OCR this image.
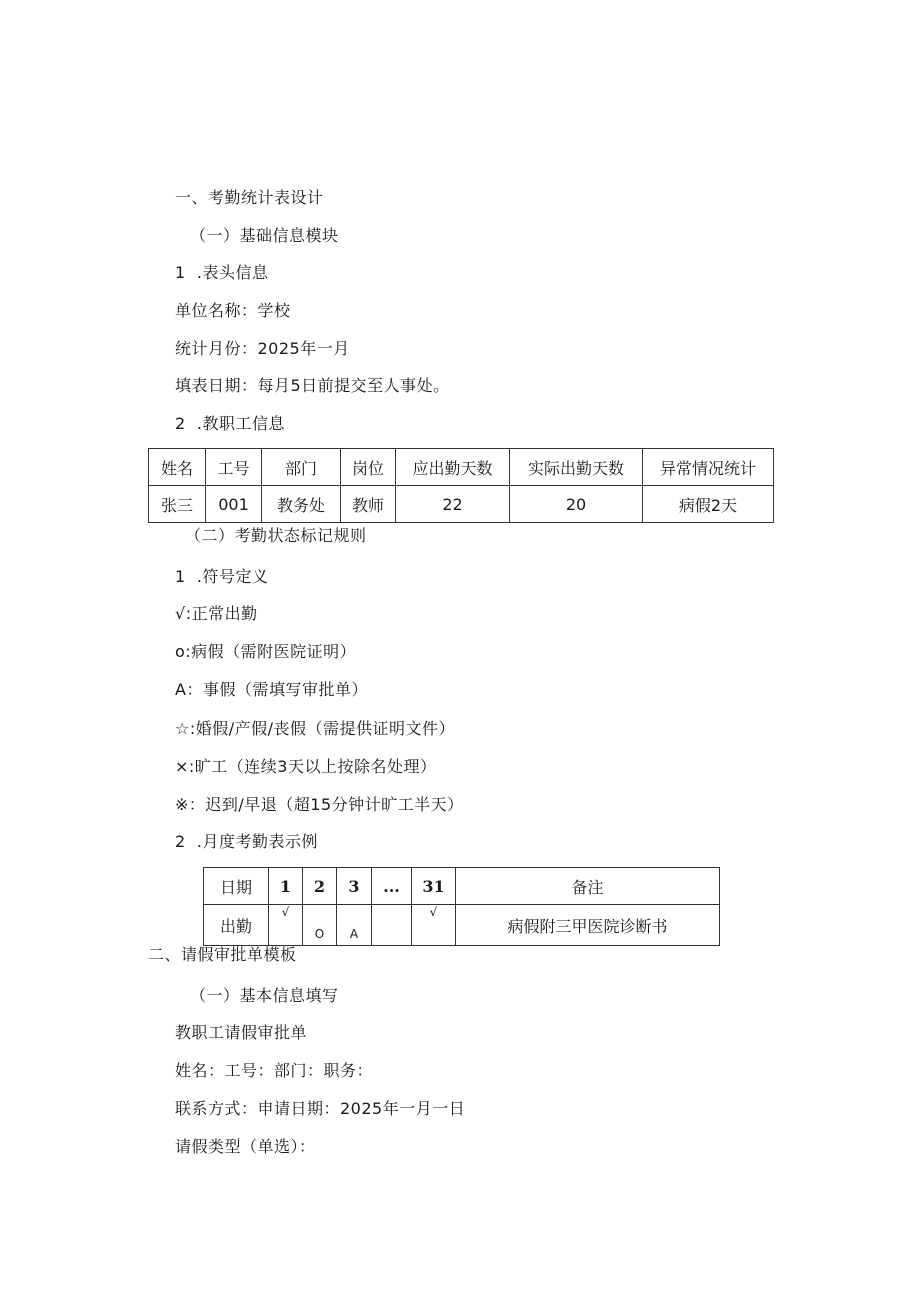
一、考勤统计表设计
（一）基础信息模块
1  .表头信息
单位名称：学校
统计月份：2025年一月
填表日期：每月5日前提交至人事处。
2  .教职工信息
姓名	工号	部门	岗位	应出勤天数	实际出勤天数	异常情况统计
张三	001	教务处	教师	22	20	病假2天
（二）考勤状态标记规则
1  .符号定义
√:正常出勤
o:病假（需附医院证明）
A：事假（需填写审批单）
☆:婚假/产假/丧假（需提供证明文件）
×:旷工（连续3天以上按除名处理）
※：迟到/早退（超15分钟计旷工半天）
2  .月度考勤表示例
日期	1	2	3	...	31	备注
出勤	√	O	A		√	病假附三甲医院诊断书
二、请假审批单模板
（一）基本信息填写
教职工请假审批单
姓名：工号：部门：职务：
联系方式：申请日期：2025年一月一日
请假类型（单选）：
